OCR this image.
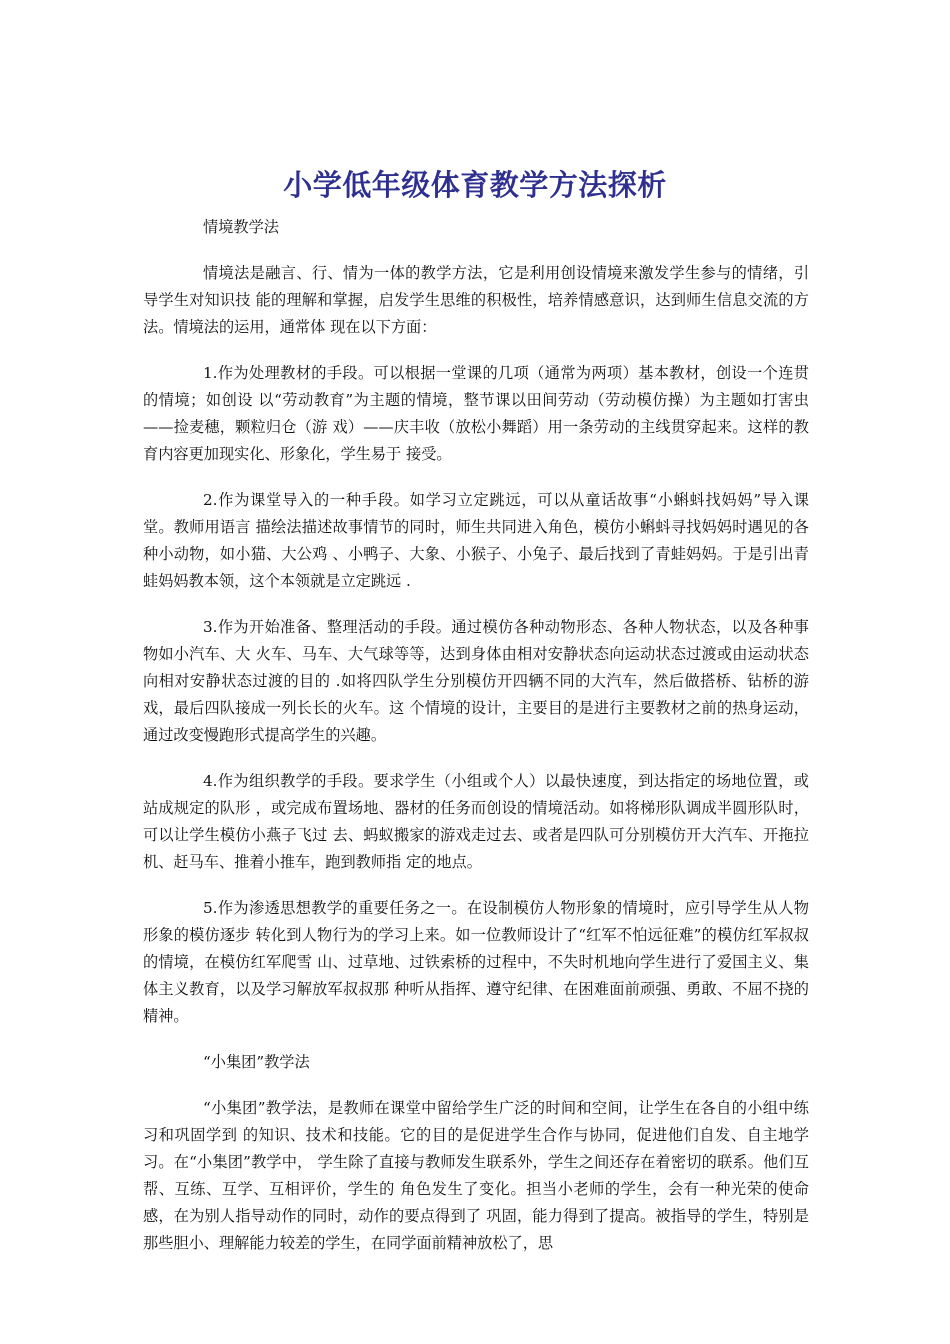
小学低年级体育教学方法探析

情境教学法

情境法是融言、行、情为一体的教学方法，它是利用创设情境来激发学生参与的情绪，引导学生对知识技 能的理解和掌握，启发学生思维的积极性，培养情感意识，达到师生信息交流的方法。情境法的运用，通常体 现在以下方面：

1.作为处理教材的手段。可以根据一堂课的几项（通常为两项）基本教材，创设一个连贯的情境；如创设 以“劳动教育”为主题的情境，整节课以田间劳动（劳动模仿操）为主题如打害虫——捡麦穗，颗粒归仓（游 戏）——庆丰收（放松小舞蹈）用一条劳动的主线贯穿起来。这样的教育内容更加现实化、形象化，学生易于 接受。

2.作为课堂导入的一种手段。如学习立定跳远，可以从童话故事“小蝌蚪找妈妈”导入课堂。教师用语言 描绘法描述故事情节的同时，师生共同进入角色，模仿小蝌蚪寻找妈妈时遇见的各种小动物，如小猫、大公鸡 、小鸭子、大象、小猴子、小兔子、最后找到了青蛙妈妈。于是引出青蛙妈妈教本领，这个本领就是立定跳远 .

3.作为开始准备、整理活动的手段。通过模仿各种动物形态、各种人物状态，以及各种事物如小汽车、大 火车、马车、大气球等等，达到身体由相对安静状态向运动状态过渡或由运动状态向相对安静状态过渡的目的 .如将四队学生分别模仿开四辆不同的大汽车，然后做搭桥、钻桥的游戏，最后四队接成一列长长的火车。这 个情境的设计，主要目的是进行主要教材之前的热身运动，通过改变慢跑形式提高学生的兴趣。

4.作为组织教学的手段。要求学生（小组或个人）以最快速度，到达指定的场地位置，或站成规定的队形 ，或完成布置场地、器材的任务而创设的情境活动。如将梯形队调成半圆形队时，可以让学生模仿小燕子飞过 去、蚂蚁搬家的游戏走过去、或者是四队可分别模仿开大汽车、开拖拉机、赶马车、推着小推车，跑到教师指 定的地点。

5.作为渗透思想教学的重要任务之一。在设制模仿人物形象的情境时，应引导学生从人物形象的模仿逐步 转化到人物行为的学习上来。如一位教师设计了“红军不怕远征难”的模仿红军叔叔的情境，在模仿红军爬雪 山、过草地、过铁索桥的过程中，不失时机地向学生进行了爱国主义、集体主义教育，以及学习解放军叔叔那 种听从指挥、遵守纪律、在困难面前顽强、勇敢、不屈不挠的精神。

“小集团”教学法

“小集团”教学法，是教师在课堂中留给学生广泛的时间和空间，让学生在各自的小组中练习和巩固学到 的知识、技术和技能。它的目的是促进学生合作与协同，促进他们自发、自主地学习。在“小集团”教学中， 学生除了直接与教师发生联系外，学生之间还存在着密切的联系。他们互帮、互练、互学、互相评价，学生的 角色发生了变化。担当小老师的学生，会有一种光荣的使命感，在为别人指导动作的同时，动作的要点得到了 巩固，能力得到了提高。被指导的学生，特别是那些胆小、理解能力较差的学生，在同学面前精神放松了，思
